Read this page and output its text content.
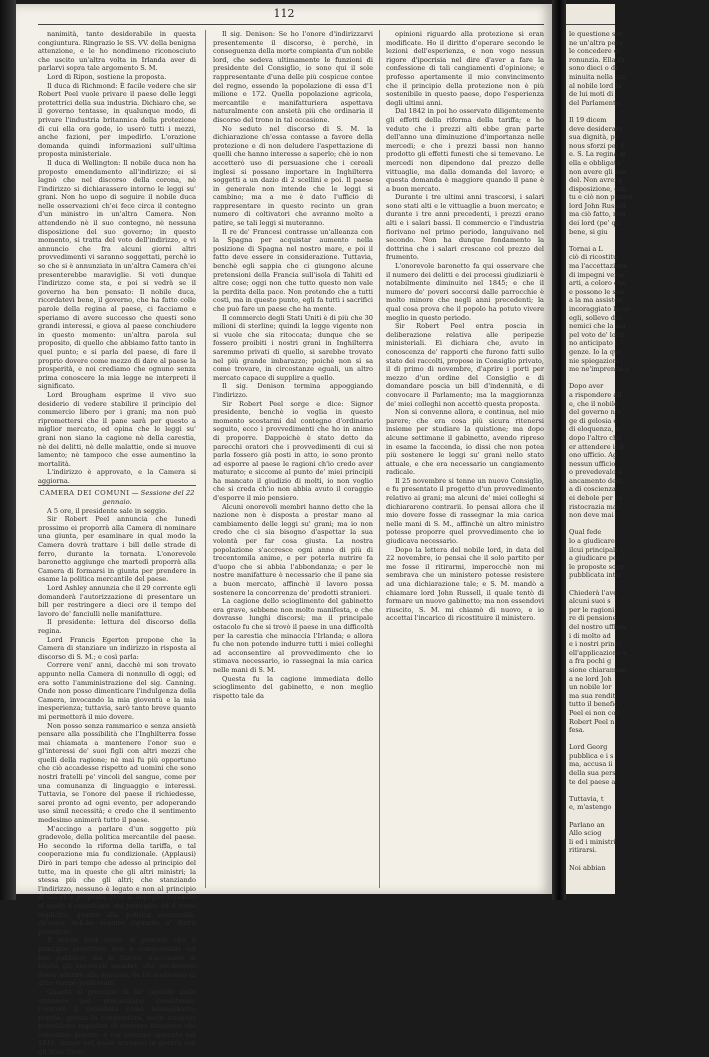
112

nanimità, tanto desiderabile in questa congiuntura. Ringrazio le SS. VV. della benigna attenzione, e le ho nondimeno riconosciuto che uscito un'altra volta in Irlanda aver di parlarvi sopra tale argomento S. M.

Lord di Ripon, sostiene la proposta.

Il duca di Richmond: È facile vedere che sir Robert Peel vuole privare il paese delle leggi protettrici della sua industria. Dichiaro che, se il governo tentasse, in qualunque modo, di privare l'industria britannica della protezione di cui ella ora gode, io userò tutti i mezzi, anche fazioni, per impedirlo. L'orazione domanda quindi informazioni sull'ultima proposta ministeriale.

Il duca di Wellington: Il nobile duca non ha proposto emendamento all'indirizzo; ei si lagnò che nel discorso della corona, nè l'indirizzo si dichiarassero intorno le leggi su' grani. Non ho uopo di seguire il nobile duca nelle osservazioni ch'ei fece circa il contegno d'un ministro in un'altra Camera. Non attendendo nè il suo contegno, nè nessuna disposizione del suo governo; in questo momento, si tratta del voto dell'indirizzo, e vi annuncio che fra alcuni giorni altri provvedimenti vi saranno soggettati, perchè io so che si è annunziata in un'altra Camera ch'ei presenterebbe maraviglie. Si voti dunque l'indirizzo come sta, e poi si vedrà se il governo ha ben pensato: Il nobile duca, ricordatevi bene, il governo, che ha fatto colle parole della regina al paese, ci facciamo e speriamo di avere successo che questi sono grandi interessi, e giova al paese conchiudere in questo momento: un'altra parola sul proposito, di quello che abbiamo fatto tanto in quel punto; e si parla del paese, di fare il proprio dovere come mezzo di dare al paese la prosperità, e noi crediamo che ognuno senza prima conoscere la mia legge ne interpreti il significato.

Lord Brougham esprime il vivo suo desiderio di vedere stabilire il principio del commercio libero per i grani; ma non può ripromettersi che il pane sarà per questo a miglior mercato, ed opina che le leggi su' grani non siano la cagione nè della carestia, nè dei delitti, nè delle malattie, onde si muove lamento; nè tampoco che esse aumentino la mortalità.

L'indirizzo è approvato, e la Camera si aggiorna.

CAMERA DEI COMUNI — Sessione del 22 gennaio.

A 5 ore, il presidente sale in seggio.

Sir Robert Peel annuncia che lunedì prossimo ei proporrà alla Camera di nominare una giunta, per esaminare in qual modo la Camera dovrà trattare i bill delle strade di ferro, durante la tornata. L'onorevole baronetto aggiunge che martedì proporrà alla Camera di formarsi in giunta per prendere in esame la politica mercantile del paese.

Lord Ashley annunzia che il 29 corrente egli domanderà l'autorizzazione di presentare un bill per restringere a dieci ore il tempo del lavoro de' fanciulli nelle manifatture.

Il presidente: lettura del discorso della regina.

Lord Francis Egerton propone che la Camera di stanziare un indirizzo in risposta al discorso di S. M.; e così parla:

Correre veni' anni, dacchè mi son trovato appunto nella Camera di nonnullo di oggi; ed era sotto l'amministrazione del sig. Canning. Onde non posso dimenticare l'indulgenza della Camera, invocando la mia gioventù e la mia inesperienza; tuttavia, sarò tanto breve quanto mi permetterà il mio dovere.

Non posso senza rammarico e senza ansietà pensare alla possibilità che l'Inghilterra fosse mai chiamata a mantenere l'onor suo e gl'interessi de' suoi figli con altri mezzi che quelli della ragione; nè mai fu più opportuno che ciò accadesse rispetto ad uomini che sono nostri fratelli pe' vincoli del sangue, come per una comunanza di linguaggio e interessi. Tuttavia, se l'onore del paese il richiedesse, sarei pronto ad ogni evento, per adoperando uso simil necessità; e credo che il sentimento medesimo animerà tutto il paese.

M'accingo a parlare d'un soggetto più gradevole, della politica mercantile del paese. Ho secondo la riforma della tariffa, e tal cooperazione mia fu condizionale. (Applausi) Dirò in pari tempo che adesso al principio del tutte, ma in queste che gli altri ministri; la stessa più che gli altri; che stanziando l'indirizzo, nessuno è legato e non al principio di ciò ch'è proposto. Non si impegno riguardo al modo d'esecuzione dei principio; ed il trovo implicito, quanto alla politica mercantile, ch'esser deb-be seguire riguardo a' diritti protettori.

Il nobile lord crede di provare che il principio protettore non è compossibile col ben pubblico; ma le furono d'accusare di falsità gli onorevoli membri, che credessero dover aderire alle opinioni, da lui medesimo in altro tempo professate.

Quanto al principio di far capitale dello straniero per procacciarsi sussistenze, l'oratore il considera come immaginario; perchè, giunta la congiuntura, molti stranieri potrebbero impedire di ricevere frumento che volessimo pagare: e ciò avvenne appunto nel 1810, tempo nel quale eravamo in guerra con gli Stati Uniti.

Il sig. Denison: Se ho l'onore d'indirizzarvi presentemente il discorso, è perchè, in conseguenza della morte compianta d'un nobile lord, che sedeva ultimamente le funzioni di presidente del Consiglio, io sono qui il sole rappresentante d'una delle più cospicue contee del regno, essendo la popolazione di essa d'1 milione e 172. Quella popolazione agricola, mercantile e manifatturiera aspettava naturalmente con ansietà più che ordinaria il discorso del trono in tal occasione.

No seduto nel discorso di S. M. la dichiarazione ch'essa contasse a favore della protezione e di non deludere l'aspettazione di quelli che hanno interesse a saperlo; chè io non accetterò uso di persuasione che i cereali inglesi si possano importare in Inghilterra soggetti a un dazio di 2 scellini e poi. Il paese in generale non intende che le leggi si cambino; ma a me è dato l'ufficio di rappresentare in questo recinto un gran numero di coltivatori che avranno molto a patire, se tali leggi si muteranno.

Il re de' Francesi contrasse un'alleanza con la Spagna per acquistar aumento nella posizione di Spagna nel nostro mare, e poi il fatto deve essere in considerazione. Tuttavia, benchè egli sappia che ci giungono alcune pretensioni della Francia sull'isola di Tahiti ed altre cose; oggi non che tutto questo non vale la perdita della pace. Non pretendo che a tutti costi, ma in questo punto, egli fa tutti i sacrifici che può fare un paese che ha mente.

Il commercio degli Stati Uniti è di più che 30 milioni di sterline; quindi la legge vigente non si vuole che sia ritoccata; dunque che se fossero proibiti i nostri grani in Inghilterra saremmo privati di quello, si sarebbe trovato nel più grande imbarazzo; poichè non si sa come trovare, in circostanze eguali, un altro mercato capace di supplire a quello.

Il sig. Denison termina appoggiando l'indirizzo.

Sir Robert Peel sorge e dice: Signor presidente, benchè io voglia in questo momento scostarmi dal contegno d'ordinario seguito, ecco i provvedimenti che ho in animo di proporre. Dappoichè è stato detto da parecchi oratori che i provvedimenti di cui si parla fossero già posti in atto, io sono pronto ad esporre al paese le ragioni ch'io credo aver maturato; e siccome al punto de' miei principii ha mancato il giudizio di molti, io non voglio che si creda ch'io non abbia avuto il coraggio d'esporre il mio pensiero.

Alcuni onorevoli membri hanno detto che la nazione non è disposta a prestar mano al cambiamento delle leggi su' grani; ma io non credo che ci sia bisogno d'aspettar la sua volontà per far cosa giusta. La nostra popolazione s'accresce ogni anno di più di trecentomila anime, e per poterla nutrire fa d'uopo che si abbia l'abbondanza; e per le nostre manifatture è necessario che il pane sia a buon mercato, affinchè il lavoro possa sostenere la concorrenza de' prodotti stranieri.

La cagione dello scioglimento del gabinetto era grave, sebbene non molto manifesta, e che dovrasse lunghi discorsi; ma il principale ostacolo fu che si trovò il paese in una difficoltà per la carestia che minaccia l'Irlanda; e allora fu che non potendo indurre tutti i miei colleghi ad acconsentire al provvedimento che io stimava necessario, io rassegnai la mia carica nelle mani di S. M.

Questa fu la cagione immediata dello scioglimento del gabinetto, e non meglio rispetto tale da

opinioni riguardo alla protezione si eran modificate. Ho il diritto d'operare secondo le lezioni dell'esperienza, e non vogo nessun rigore d'ipocrisia nel dire d'aver a fare la confessione di tali cangiamenti d'opinione; e professo apertamente il mio convincimento che il principio della protezione non è più sostenibile in questo paese, dopo l'esperienza degli ultimi anni.

Dal 1842 in poi ho osservato diligentemente gli effetti della riforma della tariffa; e ho veduto che i prezzi alti ebbe gran parte dell'anno una diminuzione d'importanza nelle mercedi; e che i prezzi bassi non hanno prodotto gli effetti funesti che si temevano. Le mercedi non dipendono dal prezzo delle vittuaglie, ma dalla domanda del lavoro; e questa domanda è maggiore quando il pane è a buon mercato.

Durante i tre ultimi anni trascorsi, i salari sono stati alti e le vittuaglie a buon mercato; e durante i tre anni precedenti, i prezzi erano alti e i salari bassi. Il commercio e l'industria fiorivano nel primo periodo, languivano nel secondo. Non ha dunque fondamento la dottrina che i salari crescano col prezzo del frumento.

L'onorevole baronetto fa qui osservare che il numero dei delitti e dei processi giudiziarii è notabilmente diminuito nel 1845; e che il numero de' poveri soccorsi dalle parrocchie è molto minore che negli anni precedenti; la qual cosa prova che il popolo ha potuto vivere meglio in questo periodo.

Sir Robert Peel entra poscia in deliberazione relativa alle peripezie ministeriali. Ei dichiara che, avuto in conoscenza de' rapporti che furono fatti sullo stato dei raccolti, propose in Consiglio privato, il di primo di novembre, d'aprire i porti per mezzo d'un ordine del Consiglio e di domandare poscia un bill d'indennità, e di convocare il Parlamento; ma la maggioranza de' miei colleghi non accettò questa proposta.

Non si convenne allora, e continua, nel mio parere; che era cosa più sicura ritenersi insieme per studiare la quistione; ma dopo alcune settimane il gabinetto, avendo ripreso in esame la faccenda, io dissi che non potea più sostenere le leggi su' grani nello stato attuale, e che era necessario un cangiamento radicale.

Il 25 novembre si tenne un nuovo Consiglio, e fu presentato il progetto d'un provvedimento relativo ai grani; ma alcuni de' miei colleghi si dichiararono contrarii. Io pensai allora che il mio dovere fosse di rassegnar la mia carica nelle mani di S. M., affinchè un altro ministro potesse proporre quel provvedimento che io giudicava necessario.

Dopo la lettera del nobile lord, in data del 22 novembre, io pensai che il solo partito per me fosse il ritirarmi, imperocchè non mi sembrava che un ministero potesse resistere ad una dichiarazione tale; e S. M. mandò a chiamare lord John Russell, il quale tentò di formare un nuovo gabinetto; ma non essendovi riuscito, S. M. mi chiamò di nuovo, e io accettai l'incarico di ricostituire il ministero.

le questione sar
ne un'altra pers
le concedere di
ronunzia. Ella fu
sono dieci o di
minuita nella ma
al nobile lord la
de lui moti di
del Parlamento,
Il 19 dicem
deve desiderare
sua dignità, pe
nous sforzi per f
e. S. La regina m
ella e obbligata
non avere gli ans
del. Non avrei p
disposizione, con
tu e ciò non poteva
lord John Russell
ma ciò fatto, non
dei lord (pe' qu
bene, si giu
Tornai a L
ciò di ricostitu
ma l'accettazione
di impegni verso
arti, a coloro che
e possono le sue
a la ma assisten
incoraggiato la co
egli, sollevo dal
nemici che la ma
pel voto de' lord
no anticipato i
genze. Io la qui
nie spiegazioni
me ne'imprende c
Dopo aver
a rispondere all
e, che il nobile
del governo n'u
ge di gelosia e
di eloquenza, il
dopo l'altro che
er attendere il d
ono ufficio. Ag
nessun ufficio
o prevedevalo il
ancamento dell'
a di coscienza
ei debole per so
ristocrazia mai
non deve mai
Qual fede
lo a giudicare
ilcui principali
a giudicare per
le proposte sopr
pubblicata intie
Chiederà l'ave
alcuni suoi s
per le ragioni
re di pensione
del nostro ufficio
i di molto ad
e i nostri princi
ell'applicazione s
a fra pochi g
sione chiarament
a ne lord Joh
un nobile lor
ma sua rendit
tutto il benefic
Peel ei non cod
Robert Peel n
fesa.
Lord Georg
pubblica e i s
ma, accusa ii
della sua pers
te del paese a
Tuttavia, t
e, m'astengo
Parlano an
Allo sciog
li ed i ministri
ritirarsi.
Noi abbian
